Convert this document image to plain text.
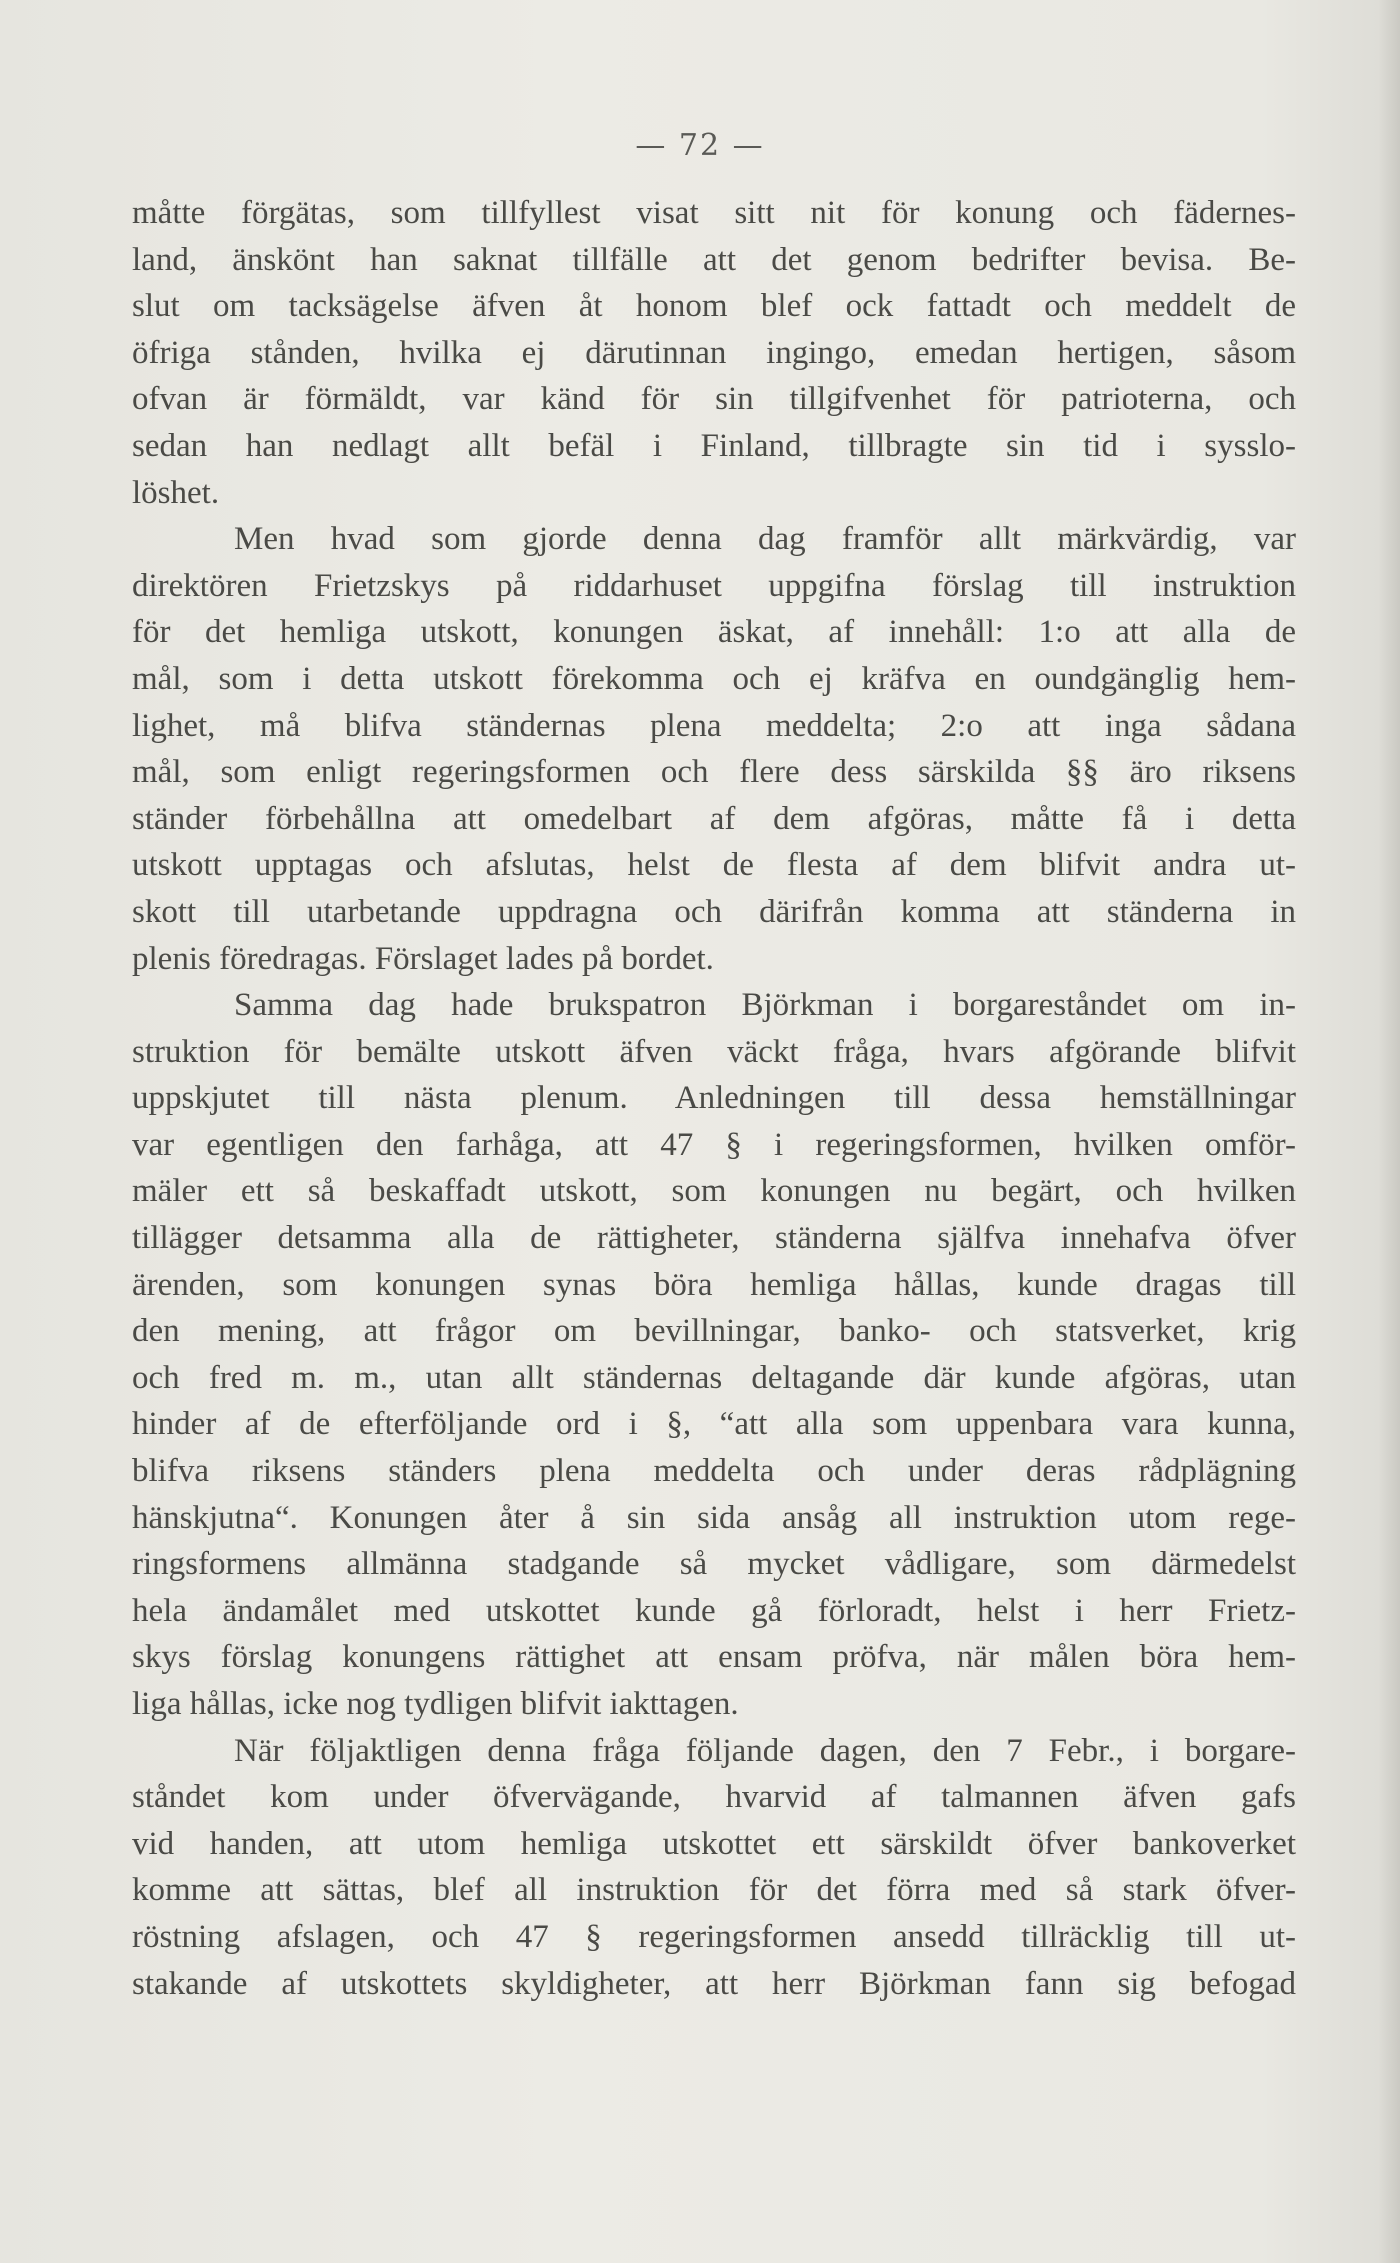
— 72 —
måtte förgätas, som tillfyllest visat sitt nit för konung och fädernes-
land, änskönt han saknat tillfälle att det genom bedrifter bevisa. Be-
slut om tacksägelse äfven åt honom blef ock fattadt och meddelt de
öfriga stånden, hvilka ej därutinnan ingingo, emedan hertigen, såsom
ofvan är förmäldt, var känd för sin tillgifvenhet för patrioterna, och
sedan han nedlagt allt befäl i Finland, tillbragte sin tid i sysslo-
löshet.
Men hvad som gjorde denna dag framför allt märkvärdig, var
direktören Frietzskys på riddarhuset uppgifna förslag till instruktion
för det hemliga utskott, konungen äskat, af innehåll: 1:o att alla de
mål, som i detta utskott förekomma och ej kräfva en oundgänglig hem-
lighet, må blifva ständernas plena meddelta; 2:o att inga sådana
mål, som enligt regeringsformen och flere dess särskilda §§ äro riksens
ständer förbehållna att omedelbart af dem afgöras, måtte få i detta
utskott upptagas och afslutas, helst de flesta af dem blifvit andra ut-
skott till utarbetande uppdragna och därifrån komma att ständerna in
plenis föredragas. Förslaget lades på bordet.
Samma dag hade brukspatron Björkman i borgareståndet om in-
struktion för bemälte utskott äfven väckt fråga, hvars afgörande blifvit
uppskjutet till nästa plenum. Anledningen till dessa hemställningar
var egentligen den farhåga, att 47 § i regeringsformen, hvilken omför-
mäler ett så beskaffadt utskott, som konungen nu begärt, och hvilken
tillägger detsamma alla de rättigheter, ständerna själfva innehafva öfver
ärenden, som konungen synas böra hemliga hållas, kunde dragas till
den mening, att frågor om bevillningar, banko- och statsverket, krig
och fred m. m., utan allt ständernas deltagande där kunde afgöras, utan
hinder af de efterföljande ord i §, “att alla som uppenbara vara kunna,
blifva riksens ständers plena meddelta och under deras rådplägning
hänskjutna“. Konungen åter å sin sida ansåg all instruktion utom rege-
ringsformens allmänna stadgande så mycket vådligare, som därmedelst
hela ändamålet med utskottet kunde gå förloradt, helst i herr Frietz-
skys förslag konungens rättighet att ensam pröfva, när målen böra hem-
liga hållas, icke nog tydligen blifvit iakttagen.
När följaktligen denna fråga följande dagen, den 7 Febr., i borgare-
ståndet kom under öfvervägande, hvarvid af talmannen äfven gafs
vid handen, att utom hemliga utskottet ett särskildt öfver bankoverket
komme att sättas, blef all instruktion för det förra med så stark öfver-
röstning afslagen, och 47 § regeringsformen ansedd tillräcklig till ut-
stakande af utskottets skyldigheter, att herr Björkman fann sig befogad
